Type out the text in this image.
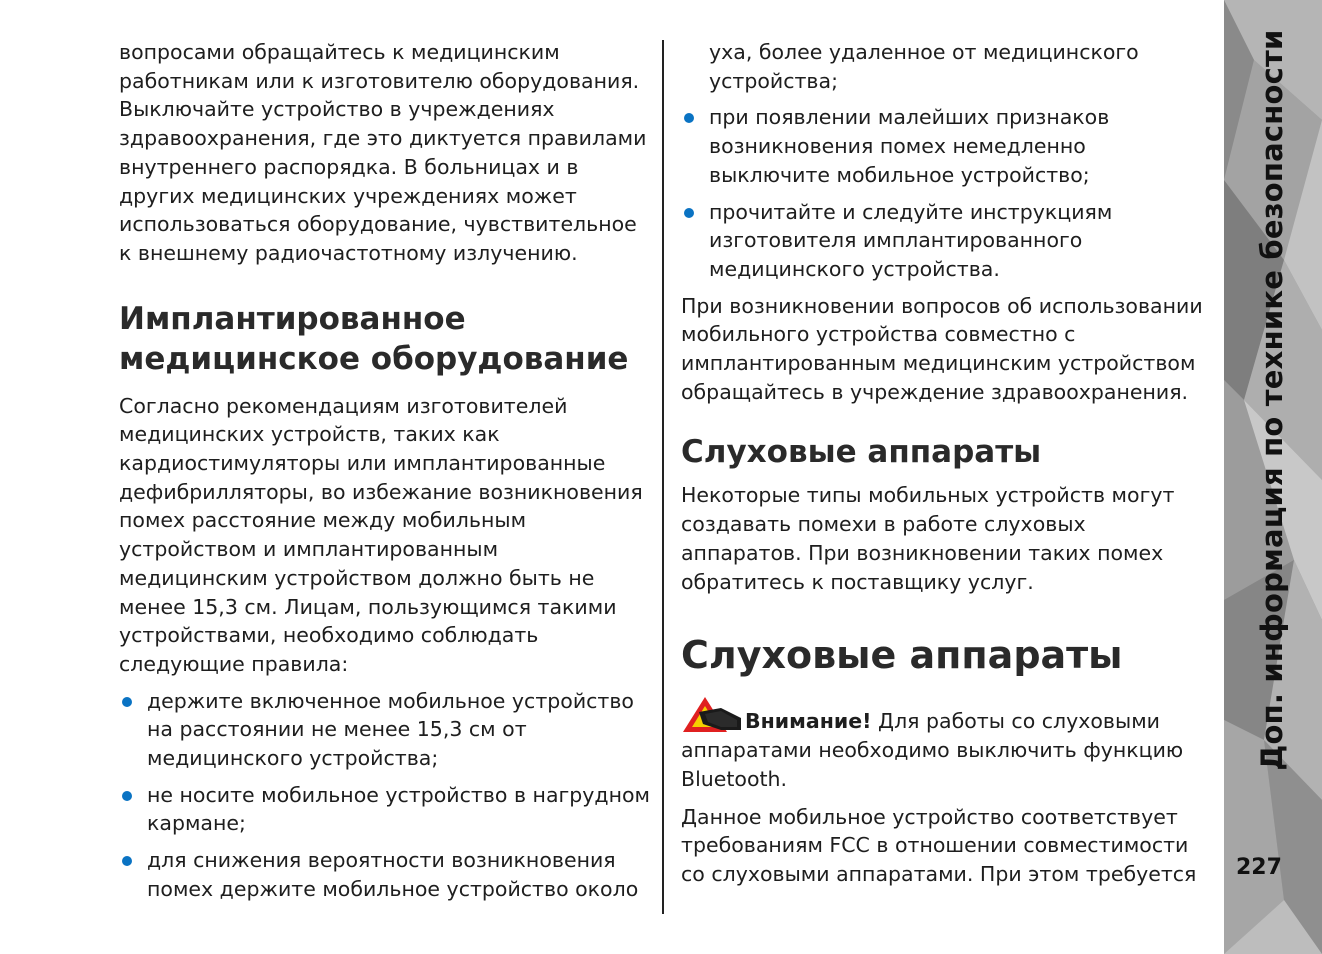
вопросами обращайтесь к медицинским работникам или к изготовителю оборудования. Выключайте устройство в учреждениях здравоохранения, где это диктуется правилами внутреннего распорядка. В больницах и в других медицинских учреждениях может использоваться оборудование, чувствительное к внешнему радиочастотному излучению.

Имплантированное медицинское оборудование

Согласно рекомендациям изготовителей медицинских устройств, таких как кардиостимуляторы или имплантированные дефибрилляторы, во избежание возникновения помех расстояние между мобильным устройством и имплантированным медицинским устройством должно быть не менее 15,3 см. Лицам, пользующимся такими устройствами, необходимо соблюдать следующие правила:

держите включенное мобильное устройство на расстоянии не менее 15,3 см от медицинского устройства;
не носите мобильное устройство в нагрудном кармане;
для снижения вероятности возникновения помех держите мобильное устройство около

уха, более удаленное от медицинского устройства;

при появлении малейших признаков возникновения помех немедленно выключите мобильное устройство;
прочитайте и следуйте инструкциям изготовителя имплантированного медицинского устройства.

При возникновении вопросов об использовании мобильного устройства совместно с имплантированным медицинским устройством обращайтесь в учреждение здравоохранения.

Слуховые аппараты

Некоторые типы мобильных устройств могут создавать помехи в работе слуховых аппаратов. При возникновении таких помех обратитесь к поставщику услуг.

Слуховые аппараты

Внимание! Для работы со слуховыми аппаратами необходимо выключить функцию Bluetooth.

Данное мобильное устройство соответствует требованиям FCC в отношении совместимости со слуховыми аппаратами. При этом требуется

Доп. информация по технике безопасности
227
